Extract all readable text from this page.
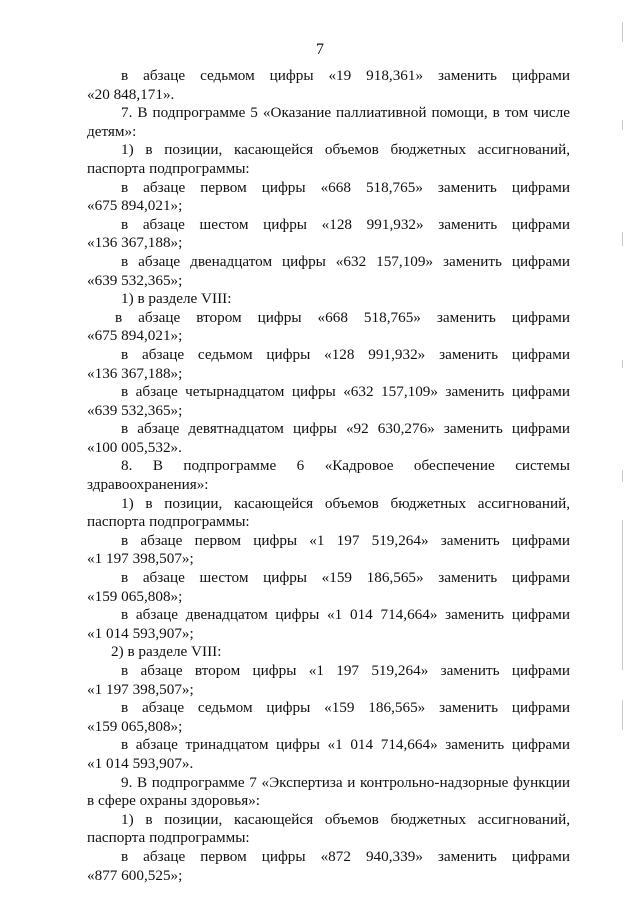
7
в абзаце седьмом цифры «19 918,361» заменить цифрами
«20 848,171».
7. В подпрограмме 5 «Оказание паллиативной помощи, в том числе
детям»:
1) в позиции, касающейся объемов бюджетных ассигнований,
паспорта подпрограммы:
в абзаце первом цифры «668 518,765» заменить цифрами
«675 894,021»;
в абзаце шестом цифры «128 991,932» заменить цифрами
«136 367,188»;
в абзаце двенадцатом цифры «632 157,109» заменить цифрами
«639 532,365»;
1) в разделе VIII:
в абзаце втором цифры «668 518,765» заменить цифрами
«675 894,021»;
в абзаце седьмом цифры «128 991,932» заменить цифрами
«136 367,188»;
в абзаце четырнадцатом цифры «632 157,109» заменить цифрами
«639 532,365»;
в абзаце девятнадцатом цифры «92 630,276» заменить цифрами
«100 005,532».
8. В подпрограмме 6 «Кадровое обеспечение системы
здравоохранения»:
1) в позиции, касающейся объемов бюджетных ассигнований,
паспорта подпрограммы:
в абзаце первом цифры «1 197 519,264» заменить цифрами
«1 197 398,507»;
в абзаце шестом цифры «159 186,565» заменить цифрами
«159 065,808»;
в абзаце двенадцатом цифры «1 014 714,664» заменить цифрами
«1 014 593,907»;
2) в разделе VIII:
в абзаце втором цифры «1 197 519,264» заменить цифрами
«1 197 398,507»;
в абзаце седьмом цифры «159 186,565» заменить цифрами
«159 065,808»;
в абзаце тринадцатом цифры «1 014 714,664» заменить цифрами
«1 014 593,907».
9. В подпрограмме 7 «Экспертиза и контрольно-надзорные функции
в сфере охраны здоровья»:
1) в позиции, касающейся объемов бюджетных ассигнований,
паспорта подпрограммы:
в абзаце первом цифры «872 940,339» заменить цифрами
«877 600,525»;
